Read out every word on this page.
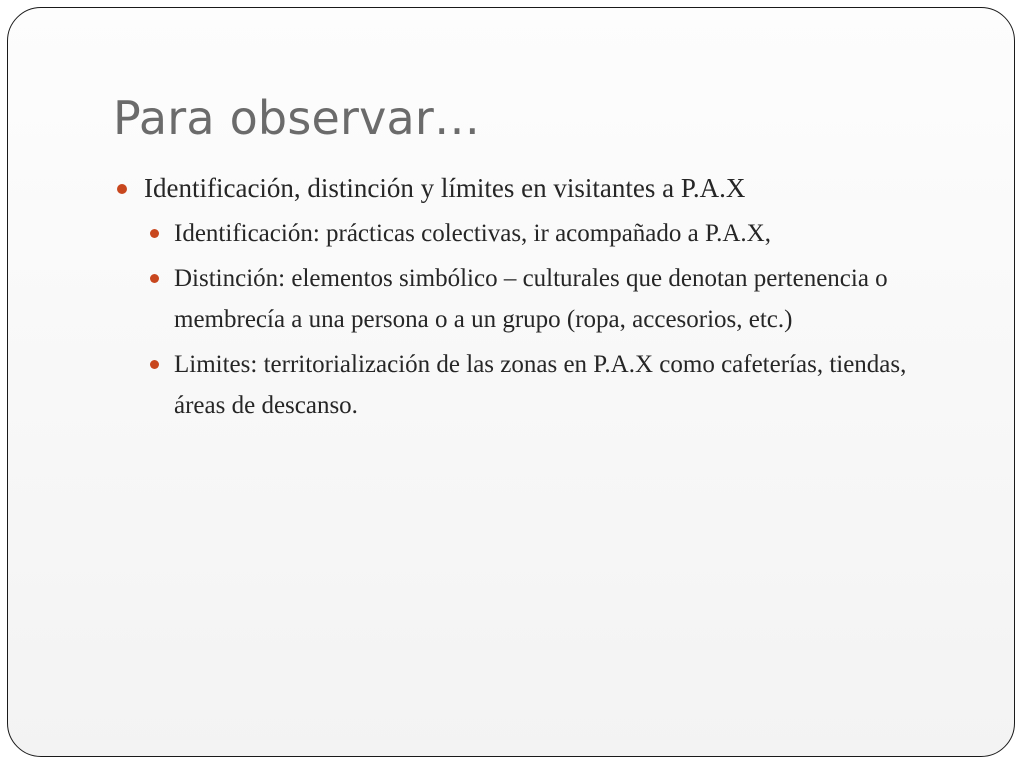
Para observar…
Identificación, distinción y límites en visitantes a P.A.X
Identificación: prácticas colectivas, ir acompañado a P.A.X,
Distinción: elementos simbólico – culturales que denotan pertenencia o membrecía a una persona o a un grupo (ropa, accesorios, etc.)
Limites: territorialización de las zonas en P.A.X como cafeterías, tiendas, áreas de descanso.
